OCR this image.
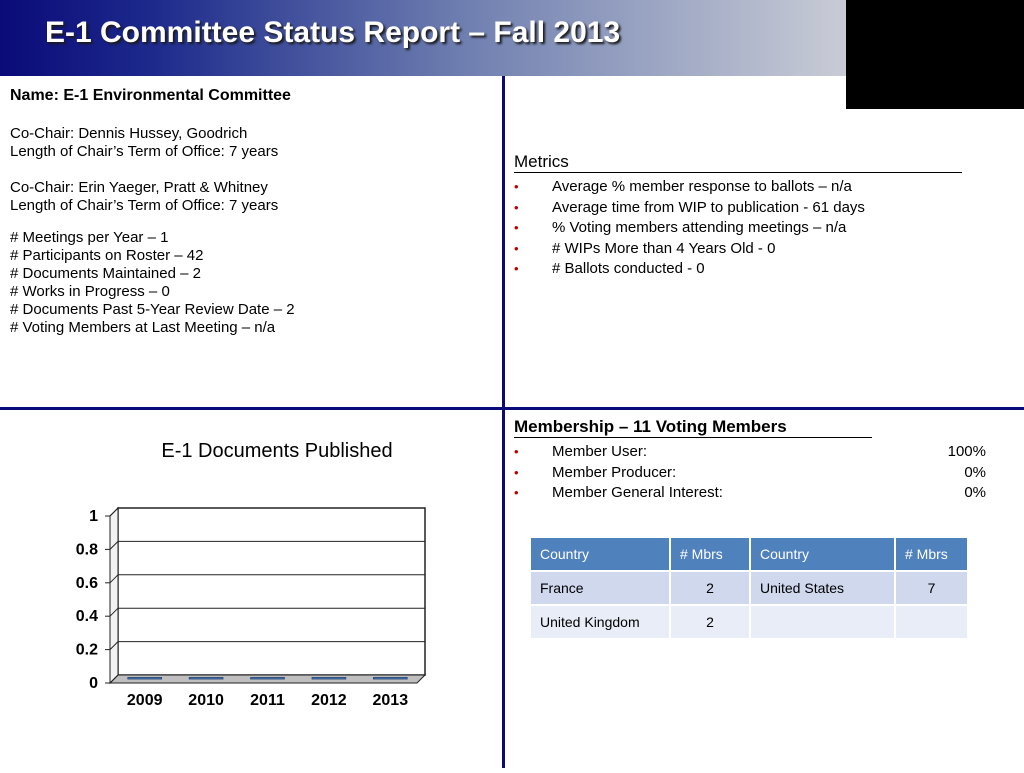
E-1 Committee Status Report – Fall 2013
Name: E-1 Environmental Committee
Co-Chair: Dennis Hussey, Goodrich
Length of Chair’s Term of Office: 7 years
Co-Chair: Erin Yaeger, Pratt & Whitney
Length of Chair’s Term of Office: 7 years
# Meetings per Year – 1
# Participants on Roster – 42
# Documents Maintained – 2
# Works in Progress – 0
# Documents Past 5-Year Review Date – 2
# Voting Members at Last Meeting – n/a
Metrics
• Average % member response to ballots – n/a
• Average time from WIP to publication - 61 days
• % Voting members attending meetings – n/a
• # WIPs More than 4 Years Old - 0
• # Ballots conducted - 0
Membership – 11 Voting Members
• Member User:	100%
• Member Producer:	0%
• Member General Interest:	0%
Country	# Mbrs	Country	# Mbrs
France	2	United States	7
United Kingdom	2		
E-1 Documents Published
0
0.2
0.4
0.6
0.8
1
2009 2010 2011 2012 2013
